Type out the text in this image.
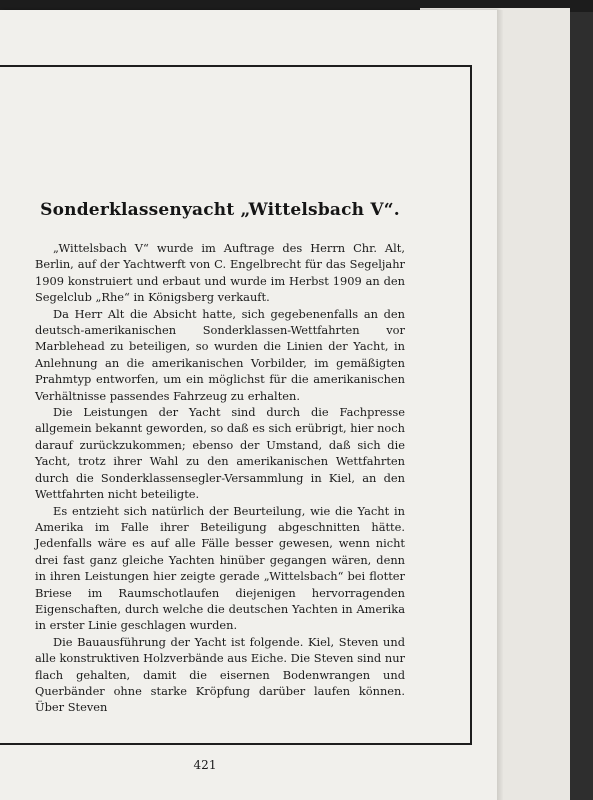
Sonderklassenyacht „Wittelsbach V“.

„Wittelsbach V“ wurde im Auftrage des Herrn Chr. Alt, Berlin, auf der Yachtwerft von C. Engelbrecht für das Segeljahr 1909 konstruiert und erbaut und wurde im Herbst 1909 an den Segelclub „Rhe“ in Königsberg verkauft.

Da Herr Alt die Absicht hatte, sich gegebenenfalls an den deutsch-amerikanischen Sonderklassen-Wettfahrten vor Marblehead zu beteiligen, so wurden die Linien der Yacht, in Anlehnung an die amerikanischen Vorbilder, im gemäßigten Prahmtyp entworfen, um ein möglichst für die amerikanischen Verhältnisse passendes Fahrzeug zu erhalten.

Die Leistungen der Yacht sind durch die Fachpresse allgemein bekannt geworden, so daß es sich erübrigt, hier noch darauf zurückzukommen; ebenso der Umstand, daß sich die Yacht, trotz ihrer Wahl zu den amerikanischen Wettfahrten durch die Sonderklassensegler-Versammlung in Kiel, an den Wettfahrten nicht beteiligte.

Es entzieht sich natürlich der Beurteilung, wie die Yacht in Amerika im Falle ihrer Beteiligung abgeschnitten hätte. Jedenfalls wäre es auf alle Fälle besser gewesen, wenn nicht drei fast ganz gleiche Yachten hinüber gegangen wären, denn in ihren Leistungen hier zeigte gerade „Wittelsbach“ bei flotter Briese im Raumschotlaufen diejenigen hervorragenden Eigenschaften, durch welche die deutschen Yachten in Amerika in erster Linie geschlagen wurden.

Die Bauausführung der Yacht ist folgende. Kiel, Steven und alle konstruktiven Holzverbände aus Eiche. Die Steven sind nur flach gehalten, damit die eisernen Bodenwrangen und Querbänder ohne starke Kröpfung darüber laufen können. Über Steven

421
